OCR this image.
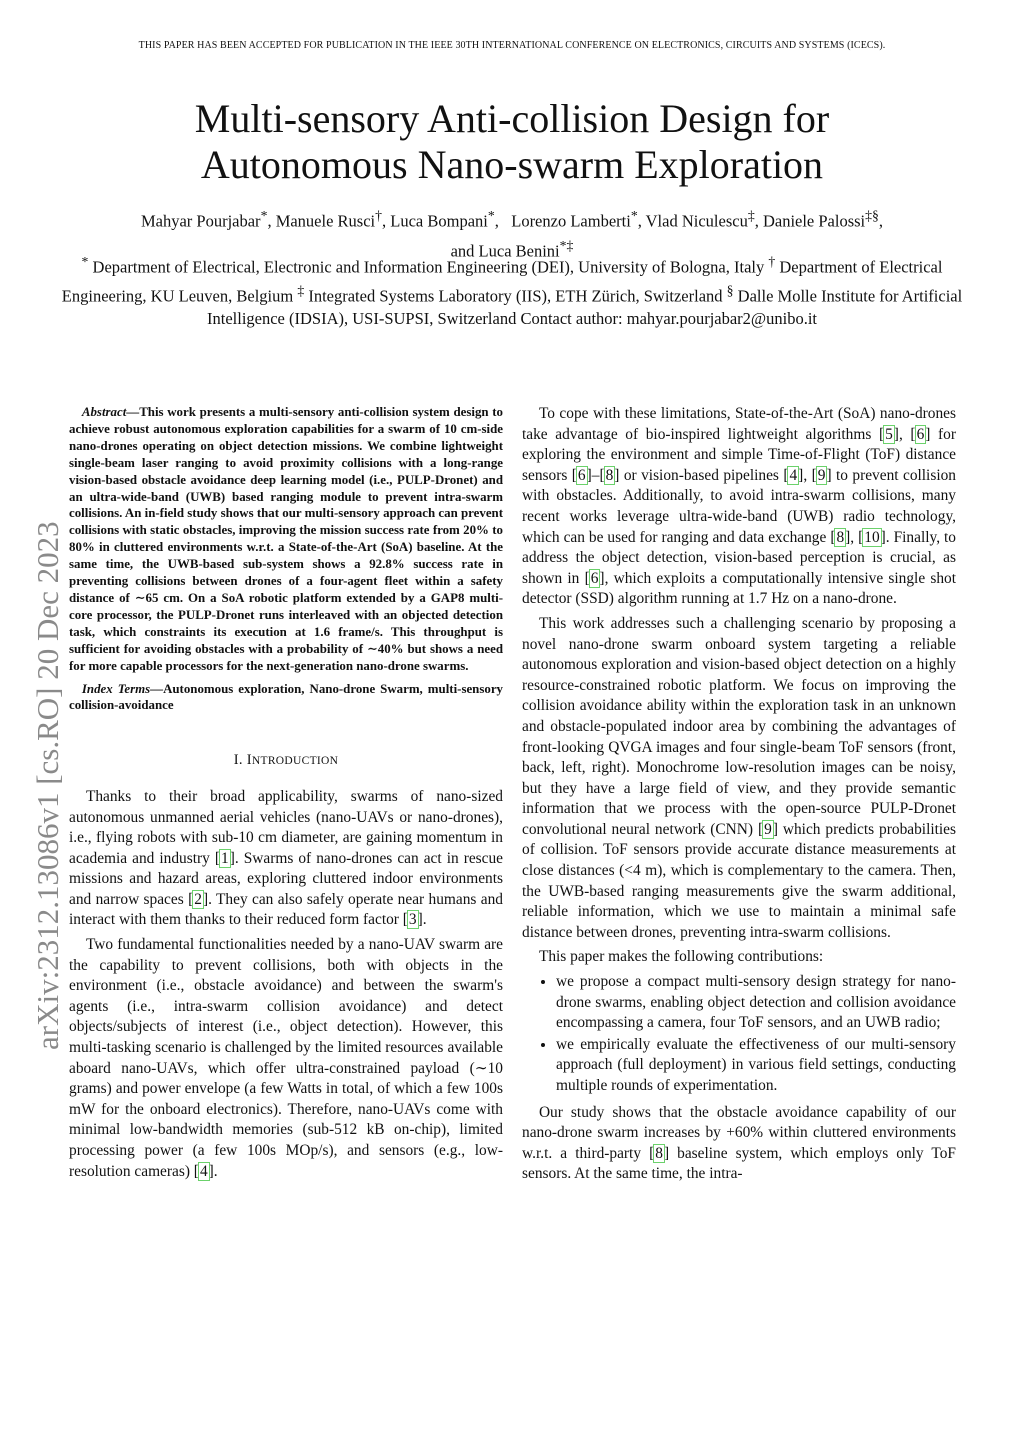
THIS PAPER HAS BEEN ACCEPTED FOR PUBLICATION IN THE IEEE 30TH INTERNATIONAL CONFERENCE ON ELECTRONICS, CIRCUITS AND SYSTEMS (ICECS).
Multi-sensory Anti-collision Design for
Autonomous Nano-swarm Exploration
Mahyar Pourjabar*, Manuele Rusci†, Luca Bompani*,   Lorenzo Lamberti*, Vlad Niculescu‡, Daniele Palossi‡§,
and Luca Benini*‡
* Department of Electrical, Electronic and Information Engineering (DEI), University of Bologna, Italy † Department of Electrical Engineering, KU Leuven, Belgium ‡ Integrated Systems Laboratory (IIS), ETH Zürich, Switzerland § Dalle Molle Institute for Artificial Intelligence (IDSIA), USI-SUPSI, Switzerland Contact author: mahyar.pourjabar2@unibo.it
arXiv:2312.13086v1 [cs.RO] 20 Dec 2023

Abstract—This work presents a multi-sensory anti-collision system design to achieve robust autonomous exploration capabilities for a swarm of 10 cm-side nano-drones operating on object detection missions. We combine lightweight single-beam laser ranging to avoid proximity collisions with a long-range vision-based obstacle avoidance deep learning model (i.e., PULP-Dronet) and an ultra-wide-band (UWB) based ranging module to prevent intra-swarm collisions. An in-field study shows that our multi-sensory approach can prevent collisions with static obstacles, improving the mission success rate from 20% to 80% in cluttered environments w.r.t. a State-of-the-Art (SoA) baseline. At the same time, the UWB-based sub-system shows a 92.8% success rate in preventing collisions between drones of a four-agent fleet within a safety distance of ∼65 cm. On a SoA robotic platform extended by a GAP8 multi-core processor, the PULP-Dronet runs interleaved with an objected detection task, which constraints its execution at 1.6 frame/s. This throughput is sufficient for avoiding obstacles with a probability of ∼40% but shows a need for more capable processors for the next-generation nano-drone swarms.

Index Terms—Autonomous exploration, Nano-drone Swarm, multi-sensory collision-avoidance

I. INTRODUCTION

Thanks to their broad applicability, swarms of nano-sized autonomous unmanned aerial vehicles (nano-UAVs or nano-drones), i.e., flying robots with sub-10 cm diameter, are gaining momentum in academia and industry [1]. Swarms of nano-drones can act in rescue missions and hazard areas, exploring cluttered indoor environments and narrow spaces [2]. They can also safely operate near humans and interact with them thanks to their reduced form factor [3].

Two fundamental functionalities needed by a nano-UAV swarm are the capability to prevent collisions, both with objects in the environment (i.e., obstacle avoidance) and between the swarm's agents (i.e., intra-swarm collision avoidance) and detect objects/subjects of interest (i.e., object detection). However, this multi-tasking scenario is challenged by the limited resources available aboard nano-UAVs, which offer ultra-constrained payload (∼10 grams) and power envelope (a few Watts in total, of which a few 100s mW for the onboard electronics). Therefore, nano-UAVs come with minimal low-bandwidth memories (sub-512 kB on-chip), limited processing power (a few 100s MOp/s), and sensors (e.g., low-resolution cameras) [4].

To cope with these limitations, State-of-the-Art (SoA) nano-drones take advantage of bio-inspired lightweight algorithms [5], [6] for exploring the environment and simple Time-of-Flight (ToF) distance sensors [6]–[8] or vision-based pipelines [4], [9] to prevent collision with obstacles. Additionally, to avoid intra-swarm collisions, many recent works leverage ultra-wide-band (UWB) radio technology, which can be used for ranging and data exchange [8], [10]. Finally, to address the object detection, vision-based perception is crucial, as shown in [6], which exploits a computationally intensive single shot detector (SSD) algorithm running at 1.7 Hz on a nano-drone.

This work addresses such a challenging scenario by proposing a novel nano-drone swarm onboard system targeting a reliable autonomous exploration and vision-based object detection on a highly resource-constrained robotic platform. We focus on improving the collision avoidance ability within the exploration task in an unknown and obstacle-populated indoor area by combining the advantages of front-looking QVGA images and four single-beam ToF sensors (front, back, left, right). Monochrome low-resolution images can be noisy, but they have a large field of view, and they provide semantic information that we process with the open-source PULP-Dronet convolutional neural network (CNN) [9] which predicts probabilities of collision. ToF sensors provide accurate distance measurements at close distances (<4 m), which is complementary to the camera. Then, the UWB-based ranging measurements give the swarm additional, reliable information, which we use to maintain a minimal safe distance between drones, preventing intra-swarm collisions.

This paper makes the following contributions:

• we propose a compact multi-sensory design strategy for nano-drone swarms, enabling object detection and collision avoidance encompassing a camera, four ToF sensors, and an UWB radio;
• we empirically evaluate the effectiveness of our multi-sensory approach (full deployment) in various field settings, conducting multiple rounds of experimentation.

Our study shows that the obstacle avoidance capability of our nano-drone swarm increases by +60% within cluttered environments w.r.t. a third-party [8] baseline system, which employs only ToF sensors. At the same time, the intra-
